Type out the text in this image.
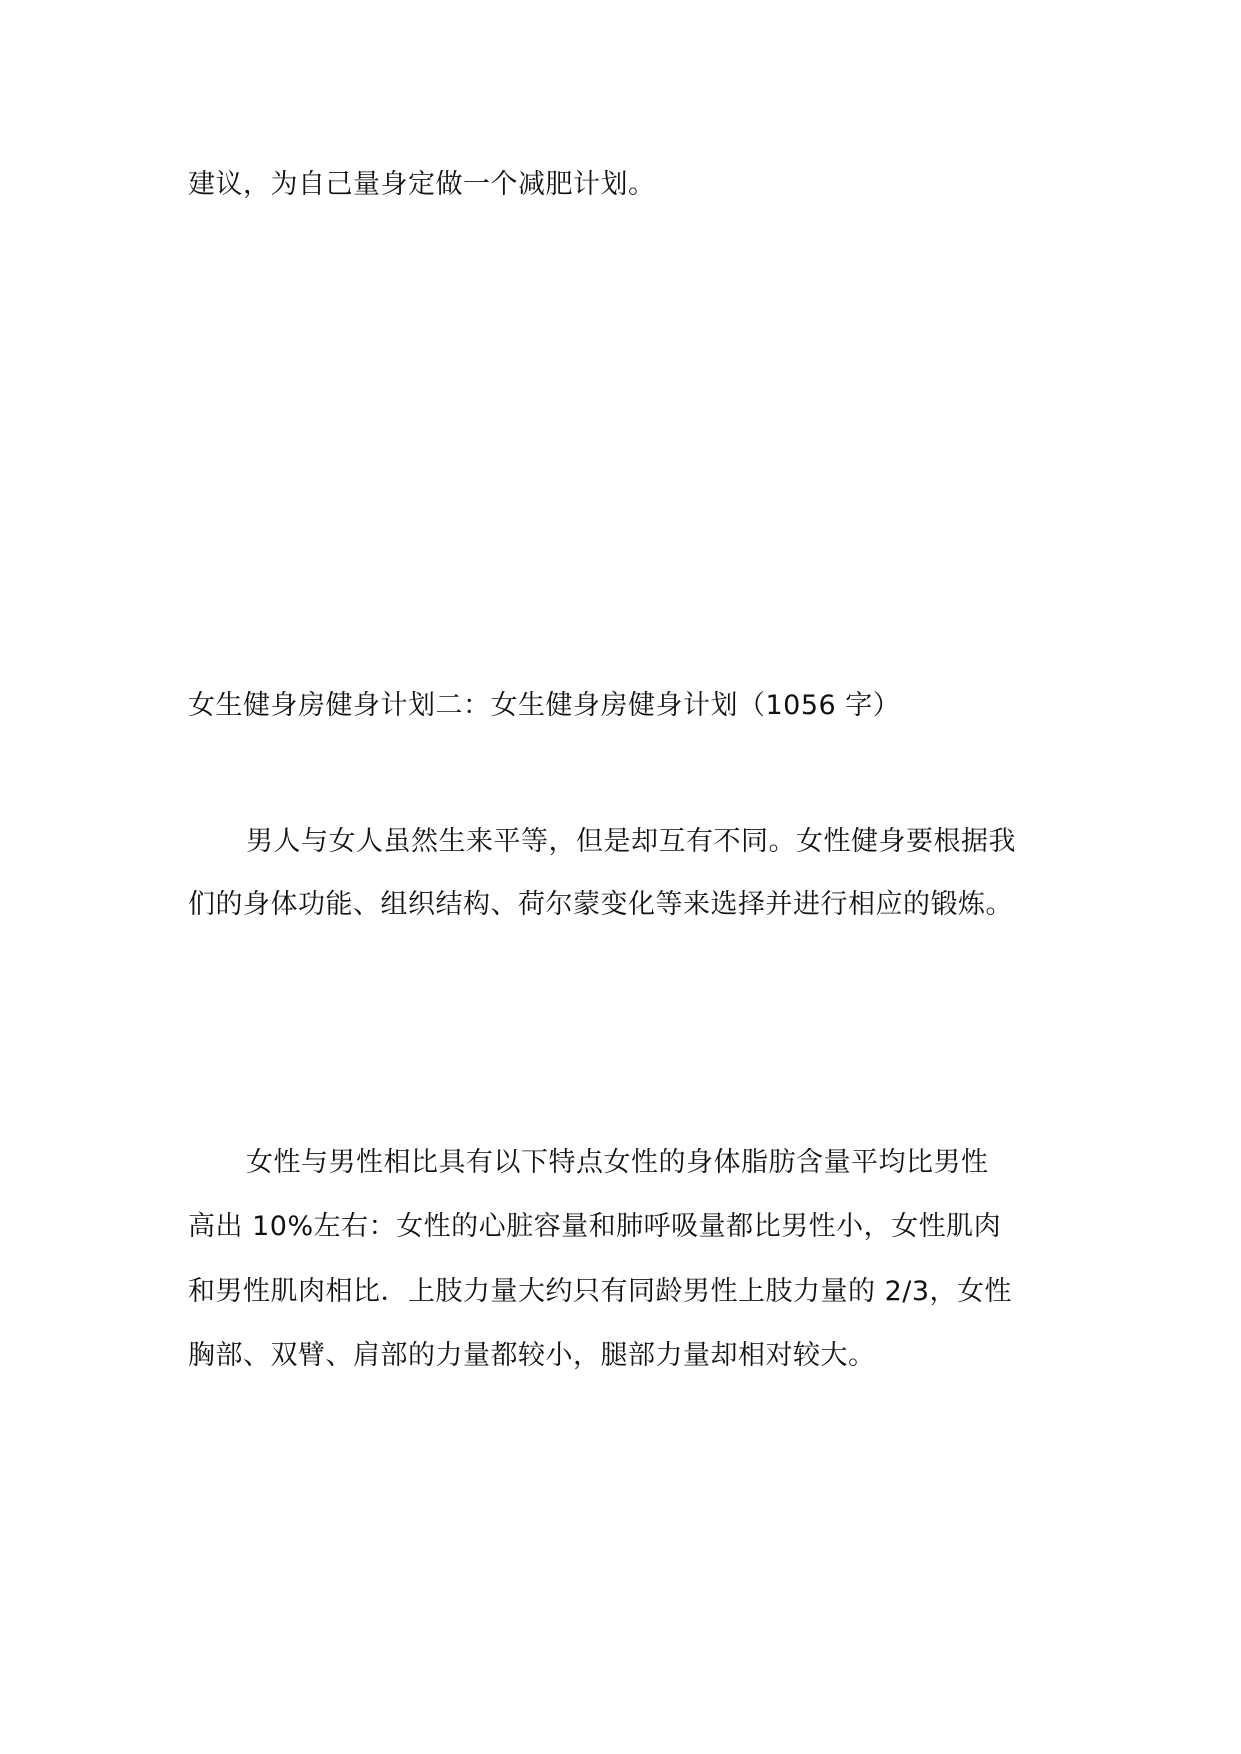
建议，为自己量身定做一个减肥计划。
女生健身房健身计划二：女生健身房健身计划（1056 字）
男人与女人虽然生来平等，但是却互有不同。女性健身要根据我
们的身体功能、组织结构、荷尔蒙变化等来选择并进行相应的锻炼。
女性与男性相比具有以下特点女性的身体脂肪含量平均比男性
高出 10%左右：女性的心脏容量和肺呼吸量都比男性小，女性肌肉
和男性肌肉相比．上肢力量大约只有同龄男性上肢力量的 2/3，女性
胸部、双臂、肩部的力量都较小，腿部力量却相对较大。
